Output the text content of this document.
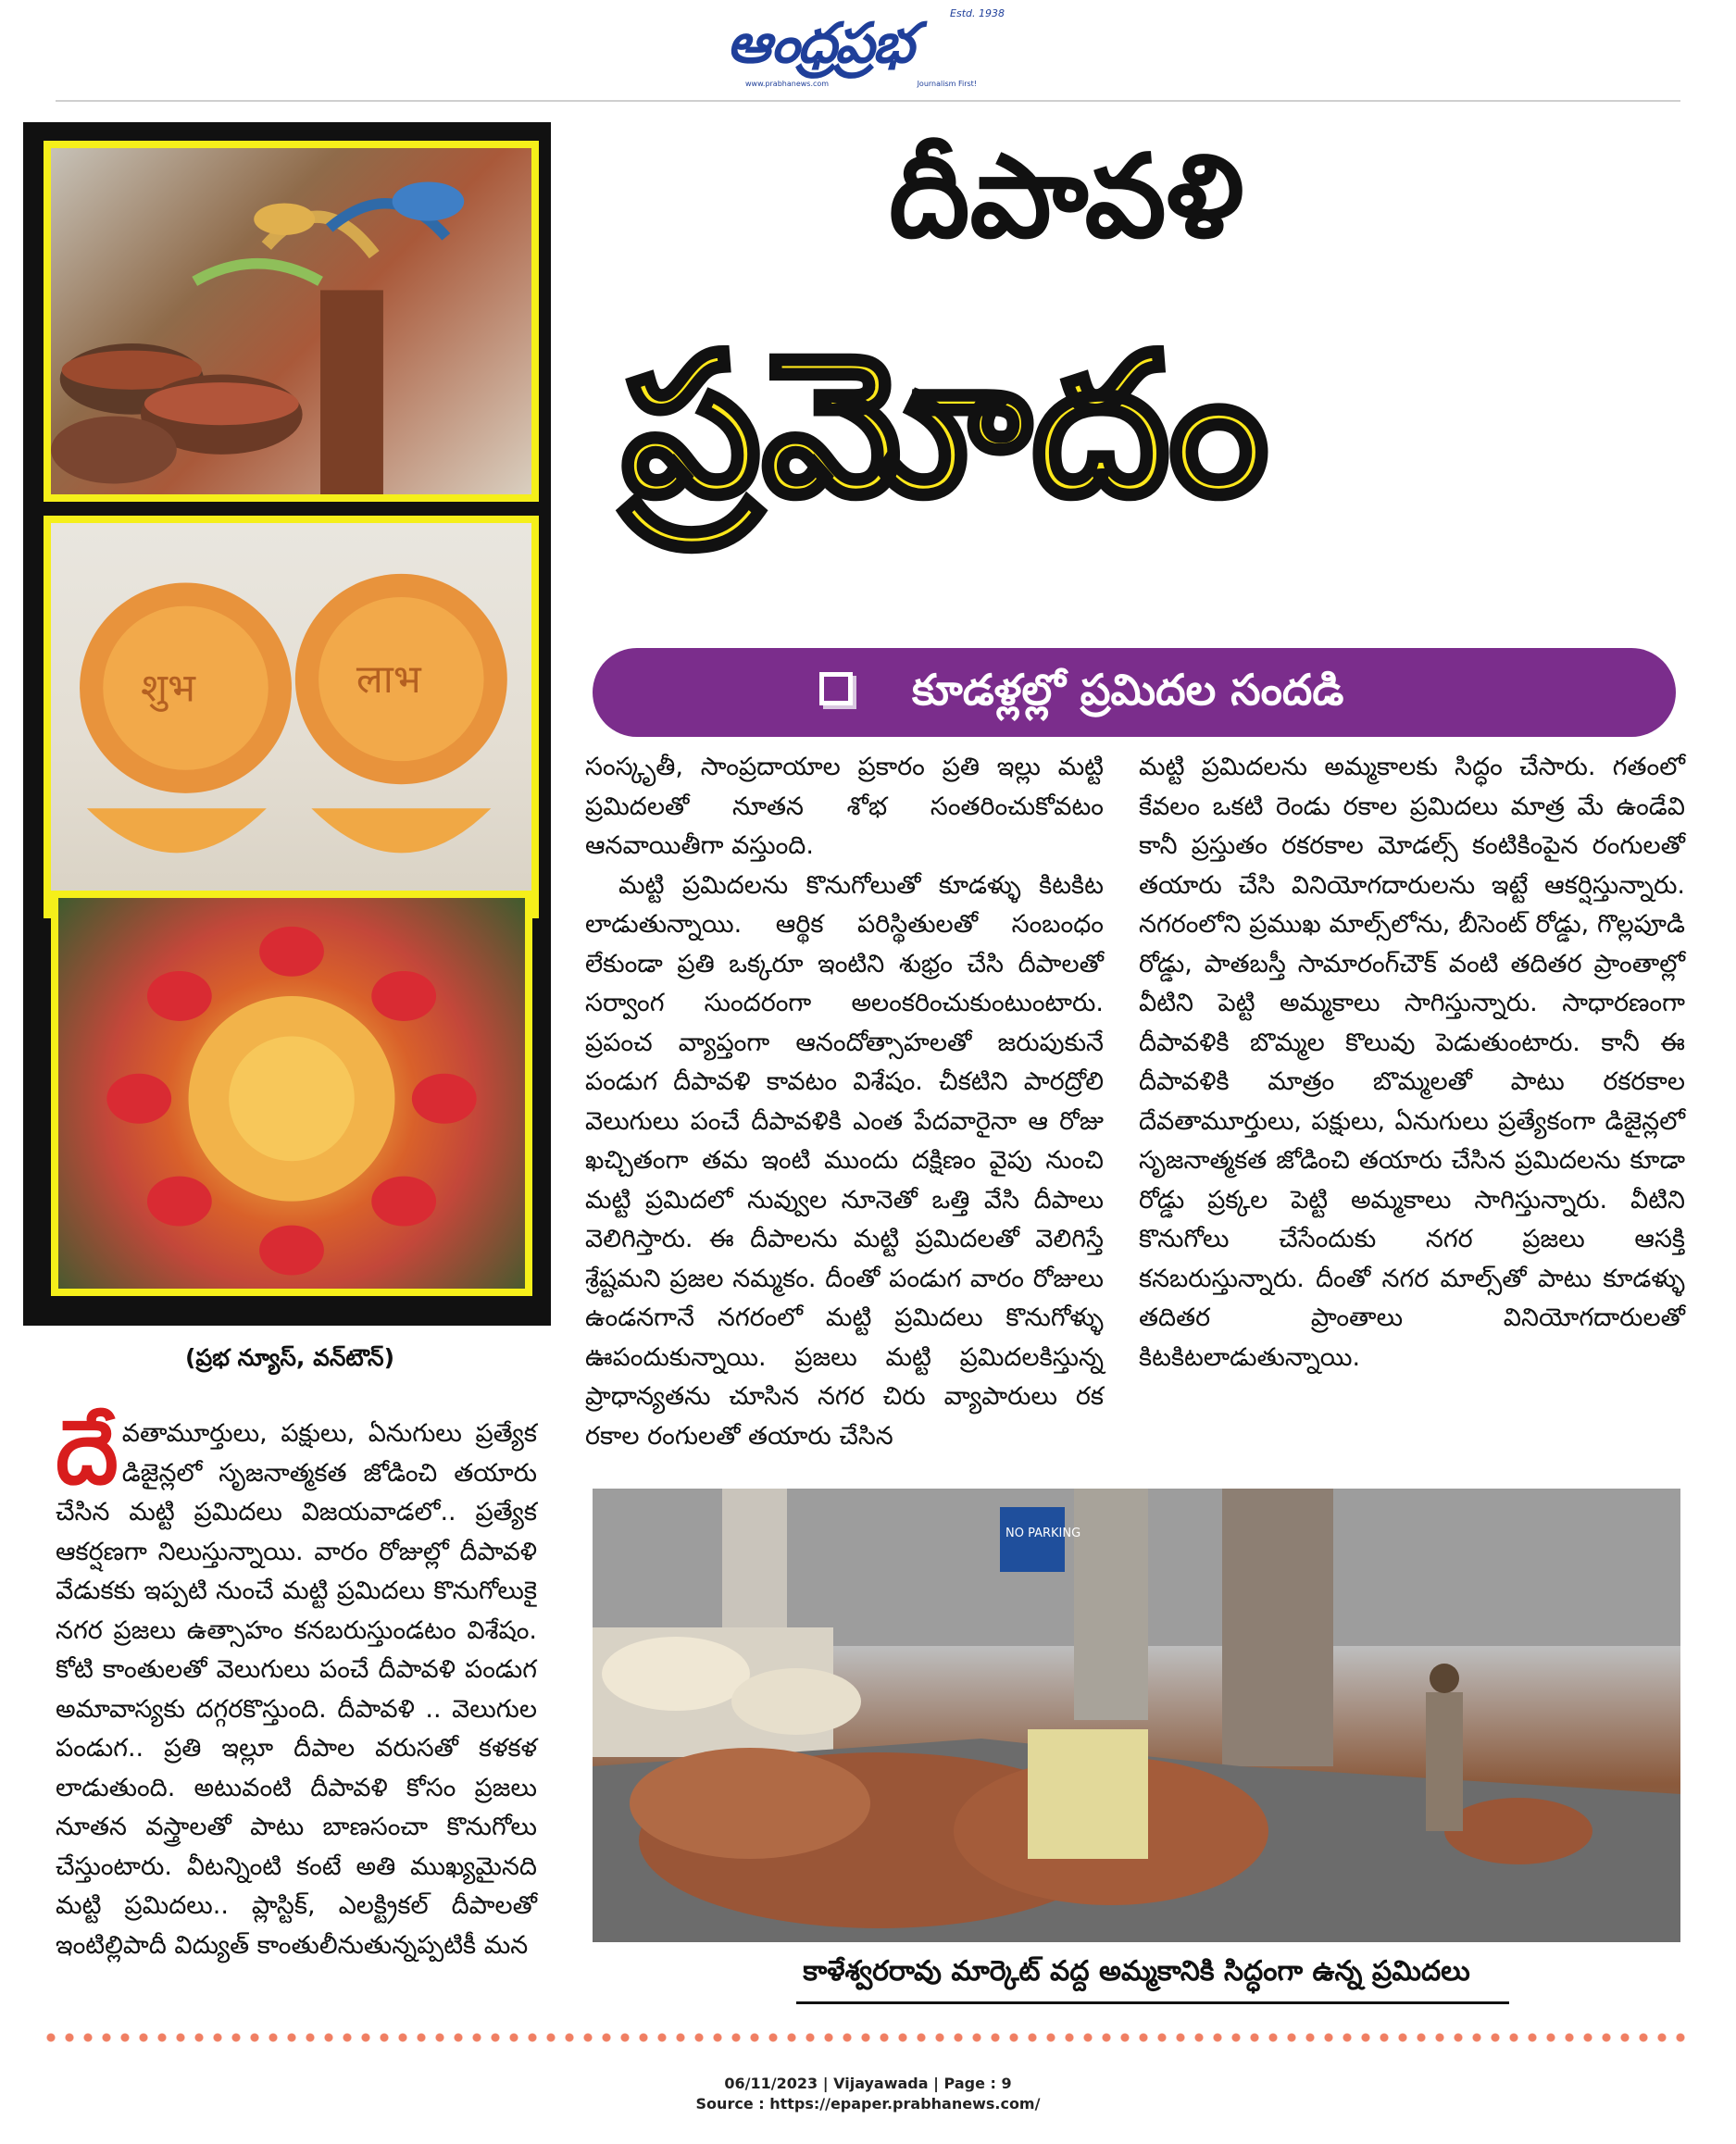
ఆంధ్రప్రభ	Estd. 1938
www.prabhanews.com	Journalism First!
शुभ	लाभ
(ప్రభ న్యూస్, వన్‌టౌన్)
దీపావళి
ప్రమోదం
కూడళ్లల్లో ప్రమిదల సందడి

సంస్కృతీ, సాంప్రదాయాల ప్రకారం ప్రతి ఇల్లు మట్టి ప్రమిదలతో నూతన శోభ సంతరించుకోవటం ఆనవాయితీగా వస్తుంది.

మట్టి ప్రమిదలను కొనుగోలుతో కూడళ్ళు కిటకిట లాడుతున్నాయి. ఆర్థిక పరిస్థితులతో సంబంధం లేకుండా ప్రతి ఒక్కరూ ఇంటిని శుభ్రం చేసి దీపాలతో సర్వాంగ సుందరంగా అలంకరించుకుంటుంటారు. ప్రపంచ వ్యాప్తంగా ఆనందోత్సాహలతో జరుపుకునే పండుగ దీపావళి కావటం విశేషం. చీకటిని పారద్రోలి వెలుగులు పంచే దీపావళికి ఎంత పేదవారైనా ఆ రోజు ఖచ్చితంగా తమ ఇంటి ముందు దక్షిణం వైపు నుంచి మట్టి ప్రమిదలో నువ్వుల నూనెతో ఒత్తి వేసి దీపాలు వెలిగిస్తారు. ఈ దీపాలను మట్టి ప్రమిదలతో వెలిగిస్తే శ్రేష్టమని ప్రజల నమ్మకం. దీంతో పండుగ వారం రోజులు ఉండనగానే నగరంలో మట్టి ప్రమిదలు కొనుగోళ్ళు ఊపందుకున్నాయి. ప్రజలు మట్టి ప్రమిదలకిస్తున్న ప్రాధాన్యతను చూసిన నగర చిరు వ్యాపారులు రక రకాల రంగులతో తయారు చేసిన

మట్టి ప్రమిదలను అమ్మకాలకు సిద్ధం చేసారు. గతంలో కేవలం ఒకటి రెండు రకాల ప్రమిదలు మాత్ర మే ఉండేవి కానీ ప్రస్తుతం రకరకాల మోడల్స్ కంటికింపైన రంగులతో తయారు చేసి వినియోగదారులను ఇట్టే ఆకర్షిస్తున్నారు. నగరంలోని ప్రముఖ మాల్స్‌లోను, బీసెంట్ రోడ్డు, గొల్లపూడి రోడ్డు, పాతబస్తీ సామారంగ్‌చౌక్ వంటి తదితర ప్రాంతాల్లో వీటిని పెట్టి అమ్మకాలు సాగిస్తున్నారు. సాధారణంగా దీపావళికి బొమ్మల కొలువు పెడుతుంటారు. కానీ ఈ దీపావళికి మాత్రం బొమ్మలతో పాటు రకరకాల దేవతామూర్తులు, పక్షులు, ఏనుగులు ప్రత్యేకంగా డిజైన్లలో సృజనాత్మకత జోడించి తయారు చేసిన ప్రమిదలను కూడా రోడ్డు ప్రక్కల పెట్టి అమ్మకాలు సాగిస్తున్నారు. వీటిని కొనుగోలు చేసేందుకు నగర ప్రజలు ఆసక్తి కనబరుస్తున్నారు. దీంతో నగర మాల్స్‌తో పాటు కూడళ్ళు తదితర ప్రాంతాలు వినియోగదారులతో కిటకిటలాడుతున్నాయి.

దే వతామూర్తులు, పక్షులు, ఏనుగులు ప్రత్యేక డిజైన్లలో సృజనాత్మకత జోడించి తయారు చేసిన మట్టి ప్రమిదలు విజయవాడలో.. ప్రత్యేక ఆకర్షణగా నిలుస్తున్నాయి. వారం రోజుల్లో దీపావళి వేడుకకు ఇప్పటి నుంచే మట్టి ప్రమిదలు కొనుగోలుకై నగర ప్రజలు ఉత్సాహం కనబరుస్తుండటం విశేషం. కోటి కాంతులతో వెలుగులు పంచే దీపావళి పండుగ అమావాస్యకు దగ్గరకొస్తుంది. దీపావళి .. వెలుగుల పండుగ.. ప్రతి ఇల్లూ దీపాల వరుసతో కళకళ లాడుతుంది. అటువంటి దీపావళి కోసం ప్రజలు నూతన వస్త్రాలతో పాటు బాణసంచా కొనుగోలు చేస్తుంటారు. వీటన్నింటి కంటే అతి ముఖ్యమైనది మట్టి ప్రమిదలు.. ప్లాస్టిక్, ఎలక్ట్రికల్ దీపాలతో ఇంటిల్లిపాదీ విద్యుత్ కాంతులీనుతున్నప్పటికీ మన
NO PARKING
కాళేశ్వరరావు మార్కెట్ వద్ద అమ్మకానికి సిద్ధంగా ఉన్న ప్రమిదలు
06/11/2023 | Vijayawada | Page : 9
Source : https://epaper.prabhanews.com/
